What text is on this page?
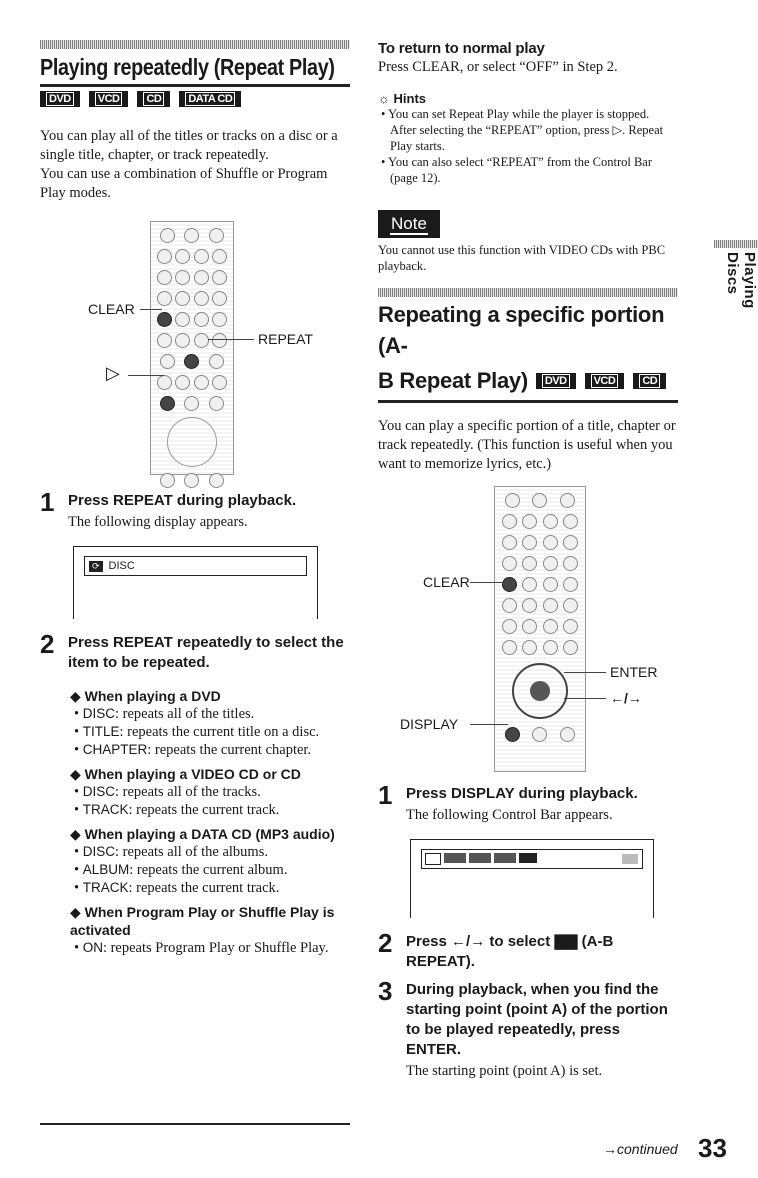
Playing repeatedly (Repeat Play)
DVD	VCD	CD	DATA CD

You can play all of the titles or tracks on a disc or a single title, chapter, or track repeatedly.

You can use a combination of Shuffle or Program Play modes.

CLEAR
REPEAT
▷
1 Press REPEAT during playback.
The following display appears.
⟳ DISC
2 Press REPEAT repeatedly to select the item to be repeated.
◆ When playing a DVD
• DISC: repeats all of the titles.
• TITLE: repeats the current title on a disc.
• CHAPTER: repeats the current chapter.
◆ When playing a VIDEO CD or CD
• DISC: repeats all of the tracks.
• TRACK: repeats the current track.
◆ When playing a DATA CD (MP3 audio)
• DISC: repeats all of the albums.
• ALBUM: repeats the current album.
• TRACK: repeats the current track.
◆ When Program Play or Shuffle Play is activated
• ON: repeats Program Play or Shuffle Play.
To return to normal play

Press CLEAR, or select “OFF” in Step 2.

☼ Hints
• You can set Repeat Play while the player is stopped. After selecting the “REPEAT” option, press ▷. Repeat Play starts.
• You can also select “REPEAT” from the Control Bar (page 12).
Note
You cannot use this function with VIDEO CDs with PBC playback.
Repeating a specific portion (A-
B Repeat Play)	DVD	VCD	CD

You can play a specific portion of a title, chapter or track repeatedly. (This function is useful when you want to memorize lyrics, etc.)

CLEAR
ENTER
←/→
DISPLAY
1 Press DISPLAY during playback.
The following Control Bar appears.
2 Press ←/→ to select ▇▇ (A-B REPEAT).
3 During playback, when you find the starting point (point A) of the portion to be played repeatedly, press ENTER.
The starting point (point A) is set.
Playing Discs
→continued 33
